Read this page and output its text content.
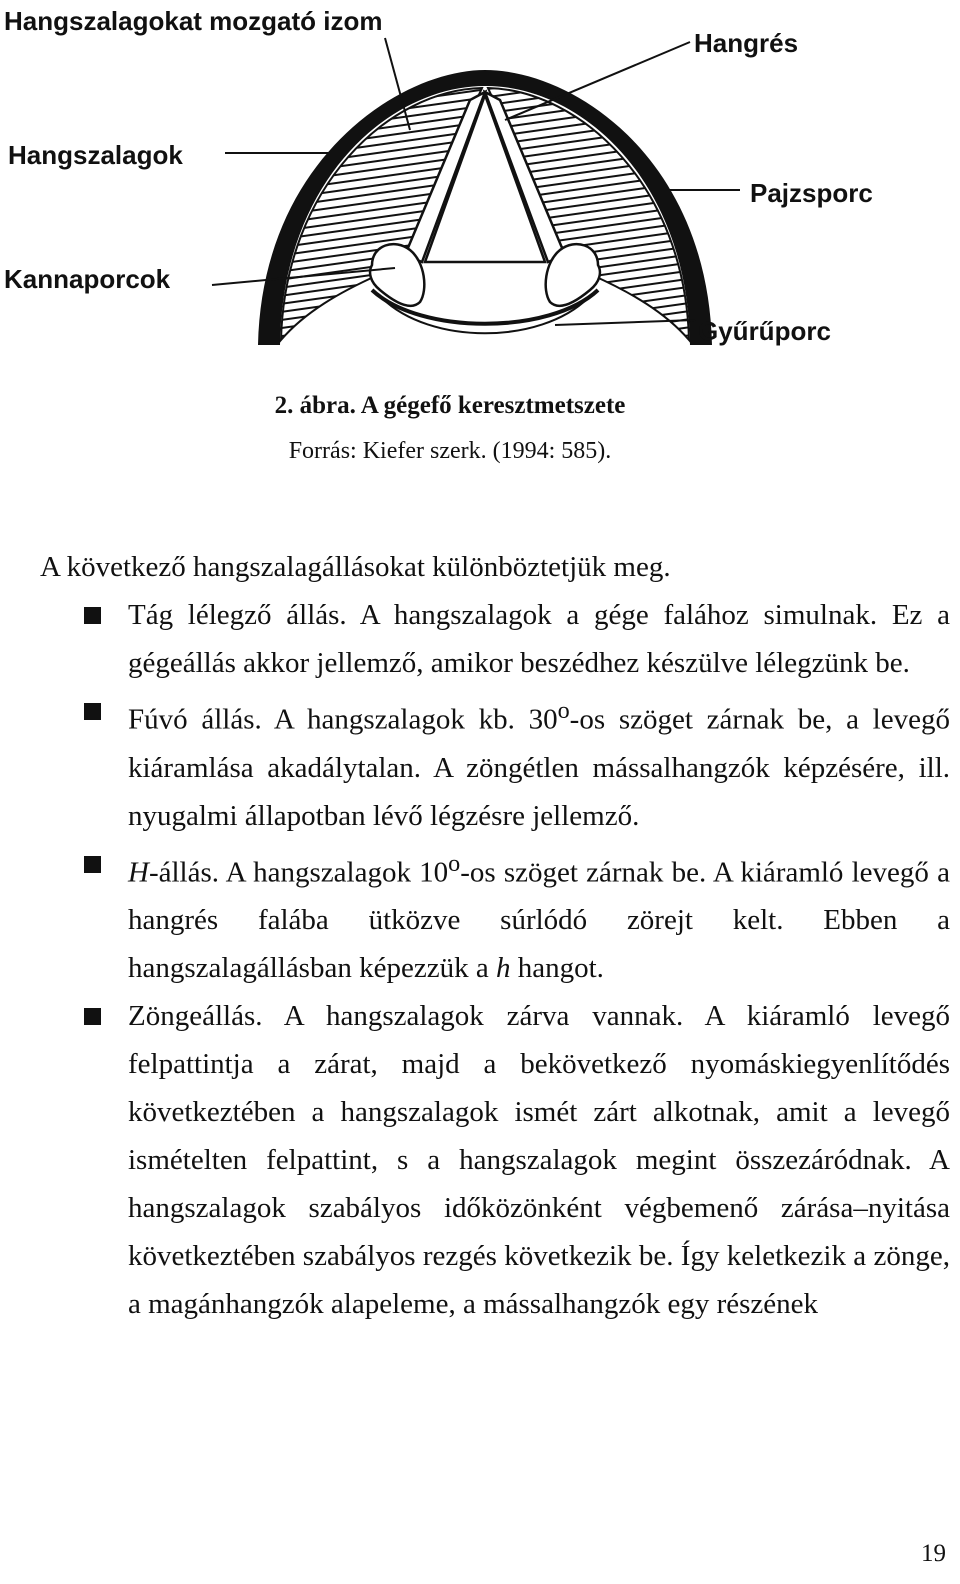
Hangszalagokat mozgató izom
Hangrés
Hangszalagok
Pajzsporc
Kannaporcok
Gyűrűporc
2. ábra. A gégefő keresztmetszete
Forrás: Kiefer szerk. (1994: 585).

A következő hangszalagállásokat különböztetjük meg.

Tág lélegző állás. A hangszalagok a gége falához simulnak. Ez a gégeállás akkor jellemző, amikor beszédhez készülve lélegzünk be.
Fúvó állás. A hangszalagok kb. 30$^o$-os szöget zárnak be, a levegő kiáramlása akadálytalan. A zöngétlen mássalhangzók képzésére, ill. nyugalmi állapotban lévő légzésre jellemző.
H-állás. A hangszalagok 10$^o$-os szöget zárnak be. A kiáramló levegő a hangrés falába ütközve súrlódó zörejt kelt. Ebben a hangszalagállásban képezzük a h hangot.
Zöngeállás. A hangszalagok zárva vannak. A kiáramló levegő felpattintja a zárat, majd a bekövetkező nyomáskiegyenlítődés következtében a hangszalagok ismét zárt alkotnak, amit a levegő ismételten felpattint, s a hangszalagok megint összezáródnak. A hangszalagok szabályos időközönként végbemenő zárása–nyitása következtében szabályos rezgés következik be. Így keletkezik a zönge, a magánhangzók alapeleme, a mássalhangzók egy részének
19
